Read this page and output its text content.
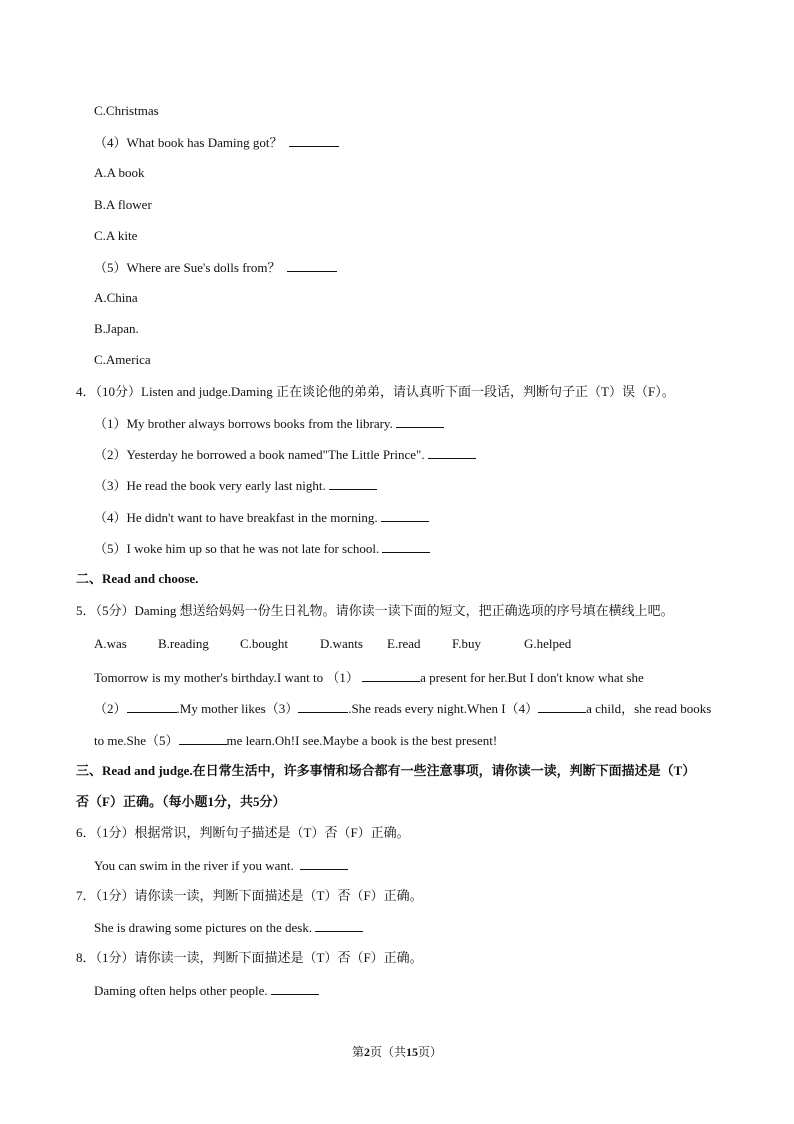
C.Christmas
（4）What book has Daming got？
A.A book
B.A flower
C.A kite
（5）Where are Sue's dolls from？
A.China
B.Japan.
C.America
4．（10分）Listen and judge.Daming 正在谈论他的弟弟，请认真听下面一段话，判断句子正（T）误（F）。
（1）My brother always borrows books from the library.
（2）Yesterday he borrowed a book named"The Little Prince".
（3）He read the book very early last night.
（4）He didn't want to have breakfast in the morning.
（5）I woke him up so that he was not late for school.
二、Read and choose.
5．（5分）Daming 想送给妈妈一份生日礼物。请你读一读下面的短文，把正确选项的序号填在横线上吧。

A.was

B.reading

C.bought

D.wants

E.read

F.buy

	G.helped

Tomorrow is my mother's birthday.I want to （1）	a present for her.But I don't know what she
（2）	.My mother likes（3）	.She reads every night.When I（4）	a child，she read books
to me.She（5）	me learn.Oh!I see.Maybe a book is the best present!
三、Read and judge.在日常生活中，许多事情和场合都有一些注意事项，请你读一读，判断下面描述是（T）
否（F）正确。（每小题1分，共5分）
6．（1分）根据常识，判断句子描述是（T）否（F）正确。
You can swim in the river if you want.
7．（1分）请你读一读，判断下面描述是（T）否（F）正确。
She is drawing some pictures on the desk.
8．（1分）请你读一读，判断下面描述是（T）否（F）正确。
Daming often helps other people.
第2页（共15页）
